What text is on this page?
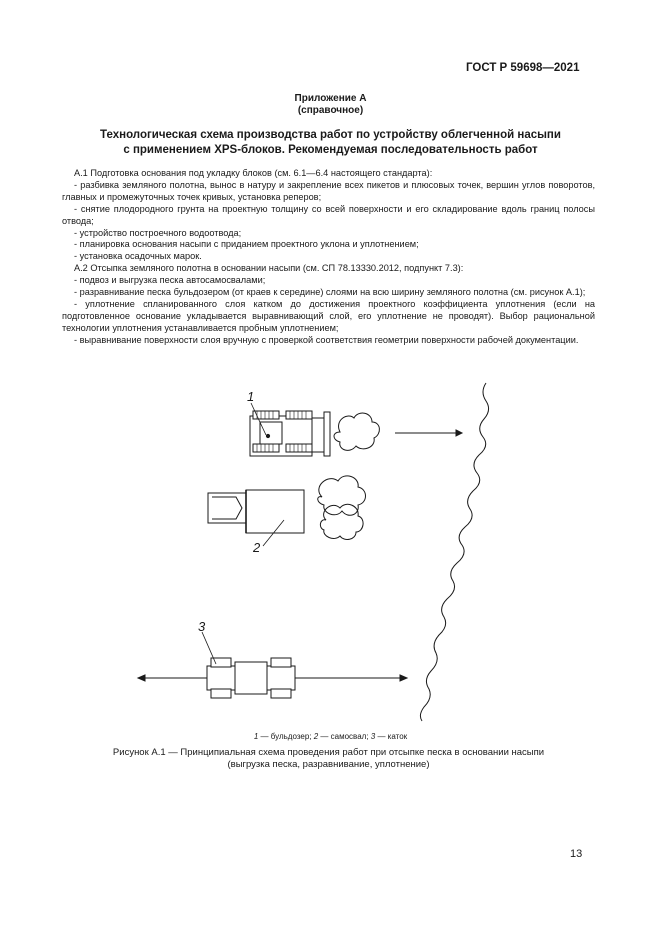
ГОСТ Р 59698—2021
Приложение А
(справочное)
Технологическая схема производства работ по устройству облегченной насыпи
с применением XPS-блоков. Рекомендуемая последовательность работ

А.1 Подготовка основания под укладку блоков (см. 6.1—6.4 настоящего стандарта):

- разбивка земляного полотна, вынос в натуру и закрепление всех пикетов и плюсовых точек, вершин углов поворотов, главных и промежуточных точек кривых, установка реперов;

- снятие плодородного грунта на проектную толщину со всей поверхности и его складирование вдоль границ полосы отвода;

- устройство построечного водоотвода;

- планировка основания насыпи с приданием проектного уклона и уплотнением;

- установка осадочных марок.

А.2 Отсыпка земляного полотна в основании насыпи (см. СП 78.13330.2012, подпункт 7.3):

- подвоз и выгрузка песка автосамосвалами;

- разравнивание песка бульдозером (от краев к середине) слоями на всю ширину земляного полотна (см. рисунок А.1);

- уплотнение спланированного слоя катком до достижения проектного коэффициента уплотнения (если на подготовленное основание укладывается выравнивающий слой, его уплотнение не проводят). Выбор рациональной технологии уплотнения устанавливается пробным уплотнением;

- выравнивание поверхности слоя вручную с проверкой соответствия геометрии поверхности рабочей документации.

1
2
3
1 — бульдозер; 2 — самосвал; 3 — каток
Рисунок А.1 — Принципиальная схема проведения работ при отсыпке песка в основании насыпи
(выгрузка песка, разравнивание, уплотнение)
13
